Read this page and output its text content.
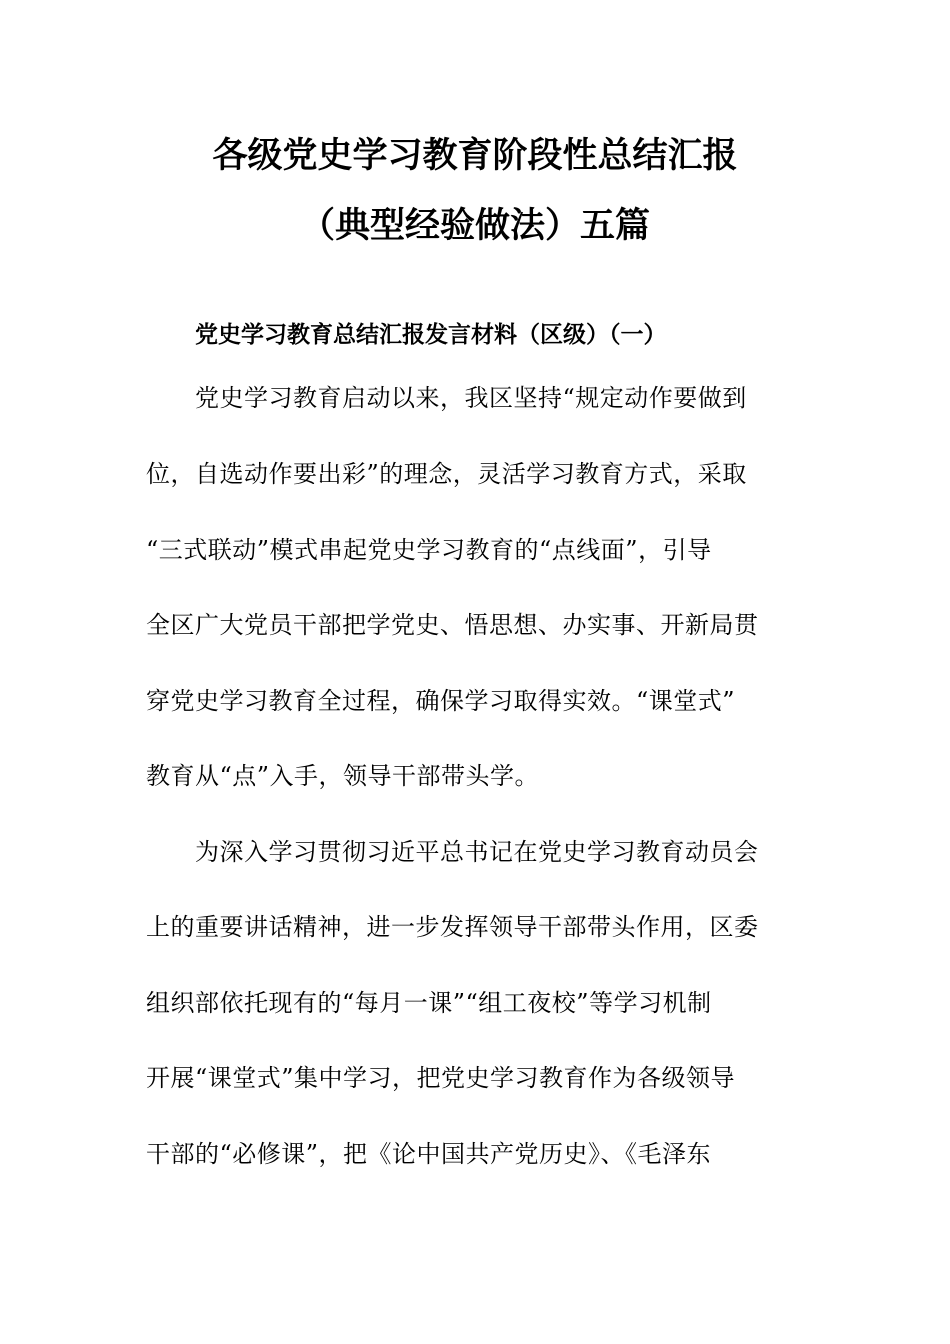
各级党史学习教育阶段性总结汇报
（典型经验做法）五篇
党史学习教育总结汇报发言材料（区级）（一）
党史学习教育启动以来，我区坚持“规定动作要做到
位，自选动作要出彩”的理念，灵活学习教育方式，采取
“三式联动”模式串起党史学习教育的“点线面”，引导
全区广大党员干部把学党史、悟思想、办实事、开新局贯
穿党史学习教育全过程，确保学习取得实效。“课堂式”
教育从“点”入手，领导干部带头学。
为深入学习贯彻习近平总书记在党史学习教育动员会
上的重要讲话精神，进一步发挥领导干部带头作用，区委
组织部依托现有的“每月一课”“组工夜校”等学习机制
开展“课堂式”集中学习，把党史学习教育作为各级领导
干部的“必修课”，把《论中国共产党历史》、《毛泽东
